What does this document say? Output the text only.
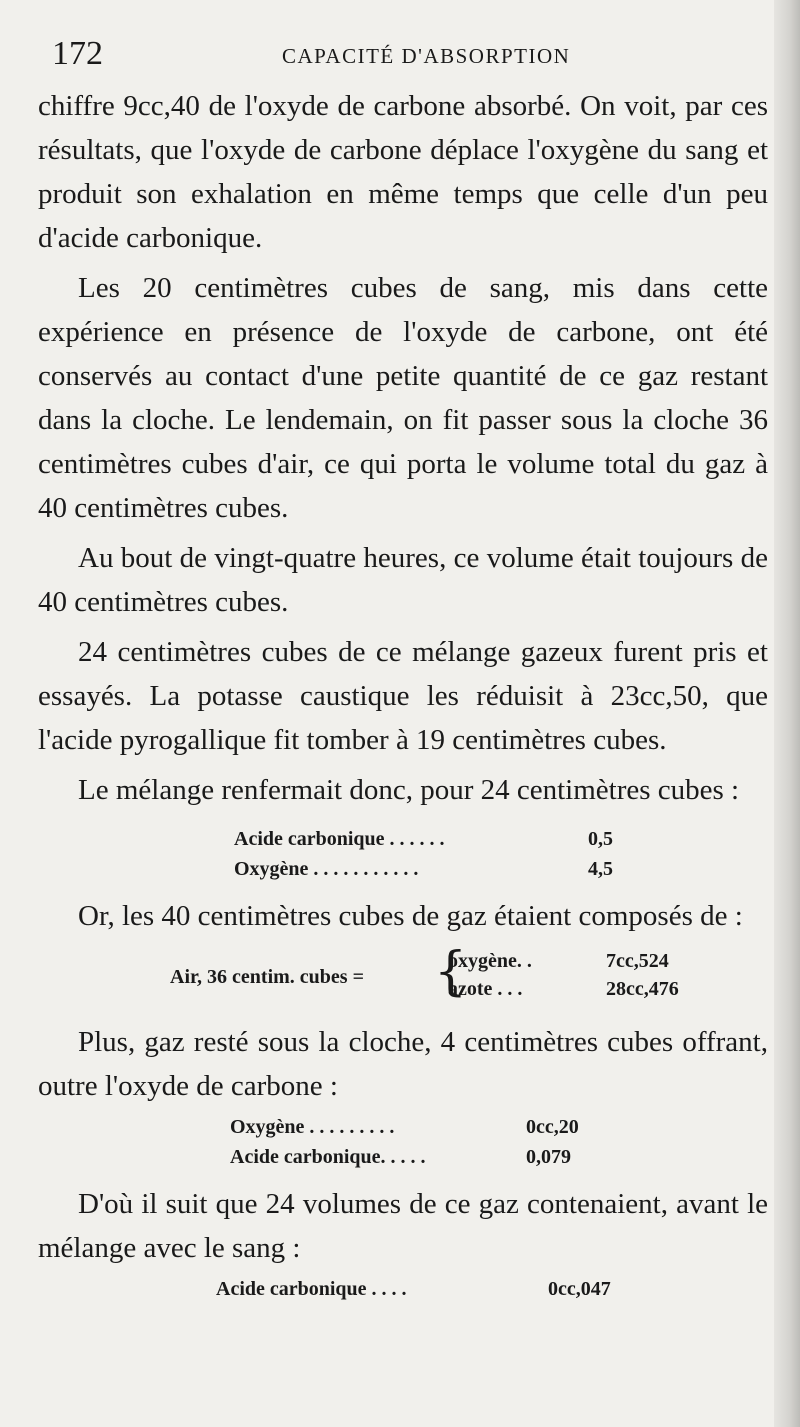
172	CAPACITÉ D'ABSORPTION

chiffre 9cc,40 de l'oxyde de carbone absorbé. On voit, par ces résultats, que l'oxyde de carbone déplace l'oxygène du sang et produit son exhalation en même temps que celle d'un peu d'acide carbonique.

Les 20 centimètres cubes de sang, mis dans cette expérience en présence de l'oxyde de carbone, ont été conservés au contact d'une petite quantité de ce gaz restant dans la cloche. Le lendemain, on fit passer sous la cloche 36 centimètres cubes d'air, ce qui porta le volume total du gaz à 40 centimètres cubes.

Au bout de vingt-quatre heures, ce volume était toujours de 40 centimètres cubes.

24 centimètres cubes de ce mélange gazeux furent pris et essayés. La potasse caustique les réduisit à 23cc,50, que l'acide pyrogallique fit tomber à 19 centimètres cubes.

Le mélange renfermait donc, pour 24 centimètres cubes :

Acide carbonique . . . . . .	0,5
Oxygène . . . . . . . . . . .	4,5

Or, les 40 centimètres cubes de gaz étaient composés de :

Air, 36 centim. cubes = {
oxygène. .	7cc,524
azote . . .	28cc,476

Plus, gaz resté sous la cloche, 4 centimètres cubes offrant, outre l'oxyde de carbone :

Oxygène . . . . . . . . .	0cc,20
Acide carbonique. . . . .	0,079

D'où il suit que 24 volumes de ce gaz contenaient, avant le mélange avec le sang :

Acide carbonique . . . .	0cc,047
